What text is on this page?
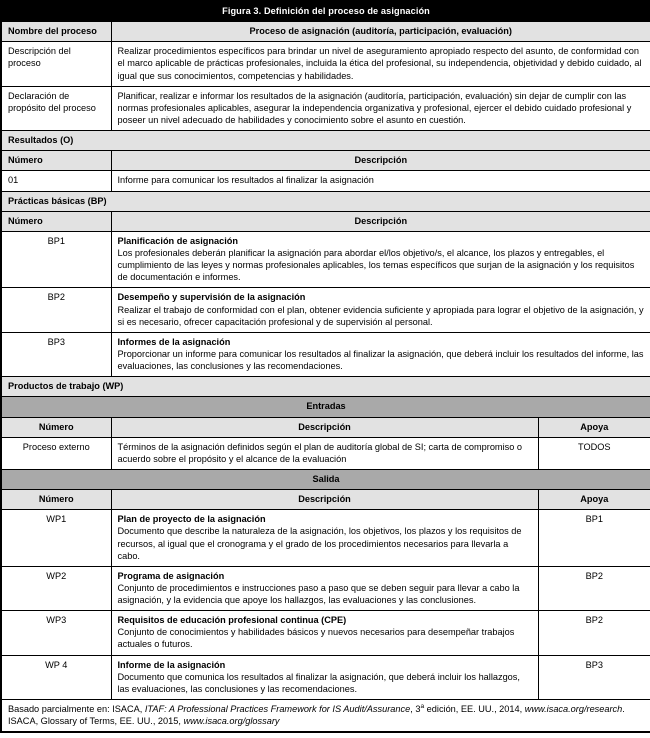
Figura 3. Definición del proceso de asignación		
Nombre del proceso	Proceso de asignación (auditoría, participación, evaluación)	
Descripción del proceso	Realizar procedimientos específicos para brindar un nivel de aseguramiento apropiado respecto del asunto, de conformidad con el marco aplicable de prácticas profesionales, incluida la ética del profesional, su independencia, objetividad y debido cuidado, al igual que sus conocimientos, competencias y habilidades.	
Declaración de propósito del proceso	Planificar, realizar e informar los resultados de la asignación (auditoría, participación, evaluación) sin dejar de cumplir con las normas profesionales aplicables, asegurar la independencia organizativa y profesional, ejercer el debido cuidado profesional y poseer un nivel adecuado de habilidades y conocimiento sobre el asunto en cuestión.	
Resultados (O)		
Número	Descripción	
01	Informe para comunicar los resultados al finalizar la asignación	
Prácticas básicas (BP)		
Número	Descripción	
BP1	Planificación de asignación
Los profesionales deberán planificar la asignación para abordar el/los objetivo/s, el alcance, los plazos y entregables, el cumplimiento de las leyes y normas profesionales aplicables, los temas específicos que surjan de la asignación y los requisitos de documentación e informes.	

BP2	Desempeño y supervisión de la asignación
Realizar el trabajo de conformidad con el plan, obtener evidencia suficiente y apropiada para lograr el objetivo de la asignación, y si es necesario, ofrecer capacitación profesional y de supervisión al personal.	

BP3	Informes de la asignación
Proporcionar un informe para comunicar los resultados al finalizar la asignación, que deberá incluir los resultados del informe, las evaluaciones, las conclusiones y las recomendaciones.	

Productos de trabajo (WP)		
Entradas		
Número	Descripción	Apoya
Proceso externo	Términos de la asignación definidos según el plan de auditoría global de SI; carta de compromiso o acuerdo sobre el propósito y el alcance de la evaluación	TODOS
Salida		
Número	Descripción	Apoya
WP1	Plan de proyecto de la asignación
Documento que describe la naturaleza de la asignación, los objetivos, los plazos y los requisitos de recursos, al igual que el cronograma y el grado de los procedimientos necesarios para llevarla a cabo.	BP1
WP2	Programa de asignación
Conjunto de procedimientos e instrucciones paso a paso que se deben seguir para llevar a cabo la asignación, y la evidencia que apoye los hallazgos, las evaluaciones y las conclusiones.	BP2
WP3	Requisitos de educación profesional continua (CPE)
Conjunto de conocimientos y habilidades básicos y nuevos necesarios para desempeñar trabajos actuales o futuros.	BP2
WP 4	Informe de la asignación
Documento que comunica los resultados al finalizar la asignación, que deberá incluir los hallazgos, las evaluaciones, las conclusiones y las recomendaciones.	BP3
Basado parcialmente en: ISACA, ITAF: A Professional Practices Framework for IS Audit/Assurance, 3$^a$ edición, EE. UU., 2014, www.isaca.org/research. ISACA, Glossary of Terms, EE. UU., 2015, www.isaca.org/glossary		
